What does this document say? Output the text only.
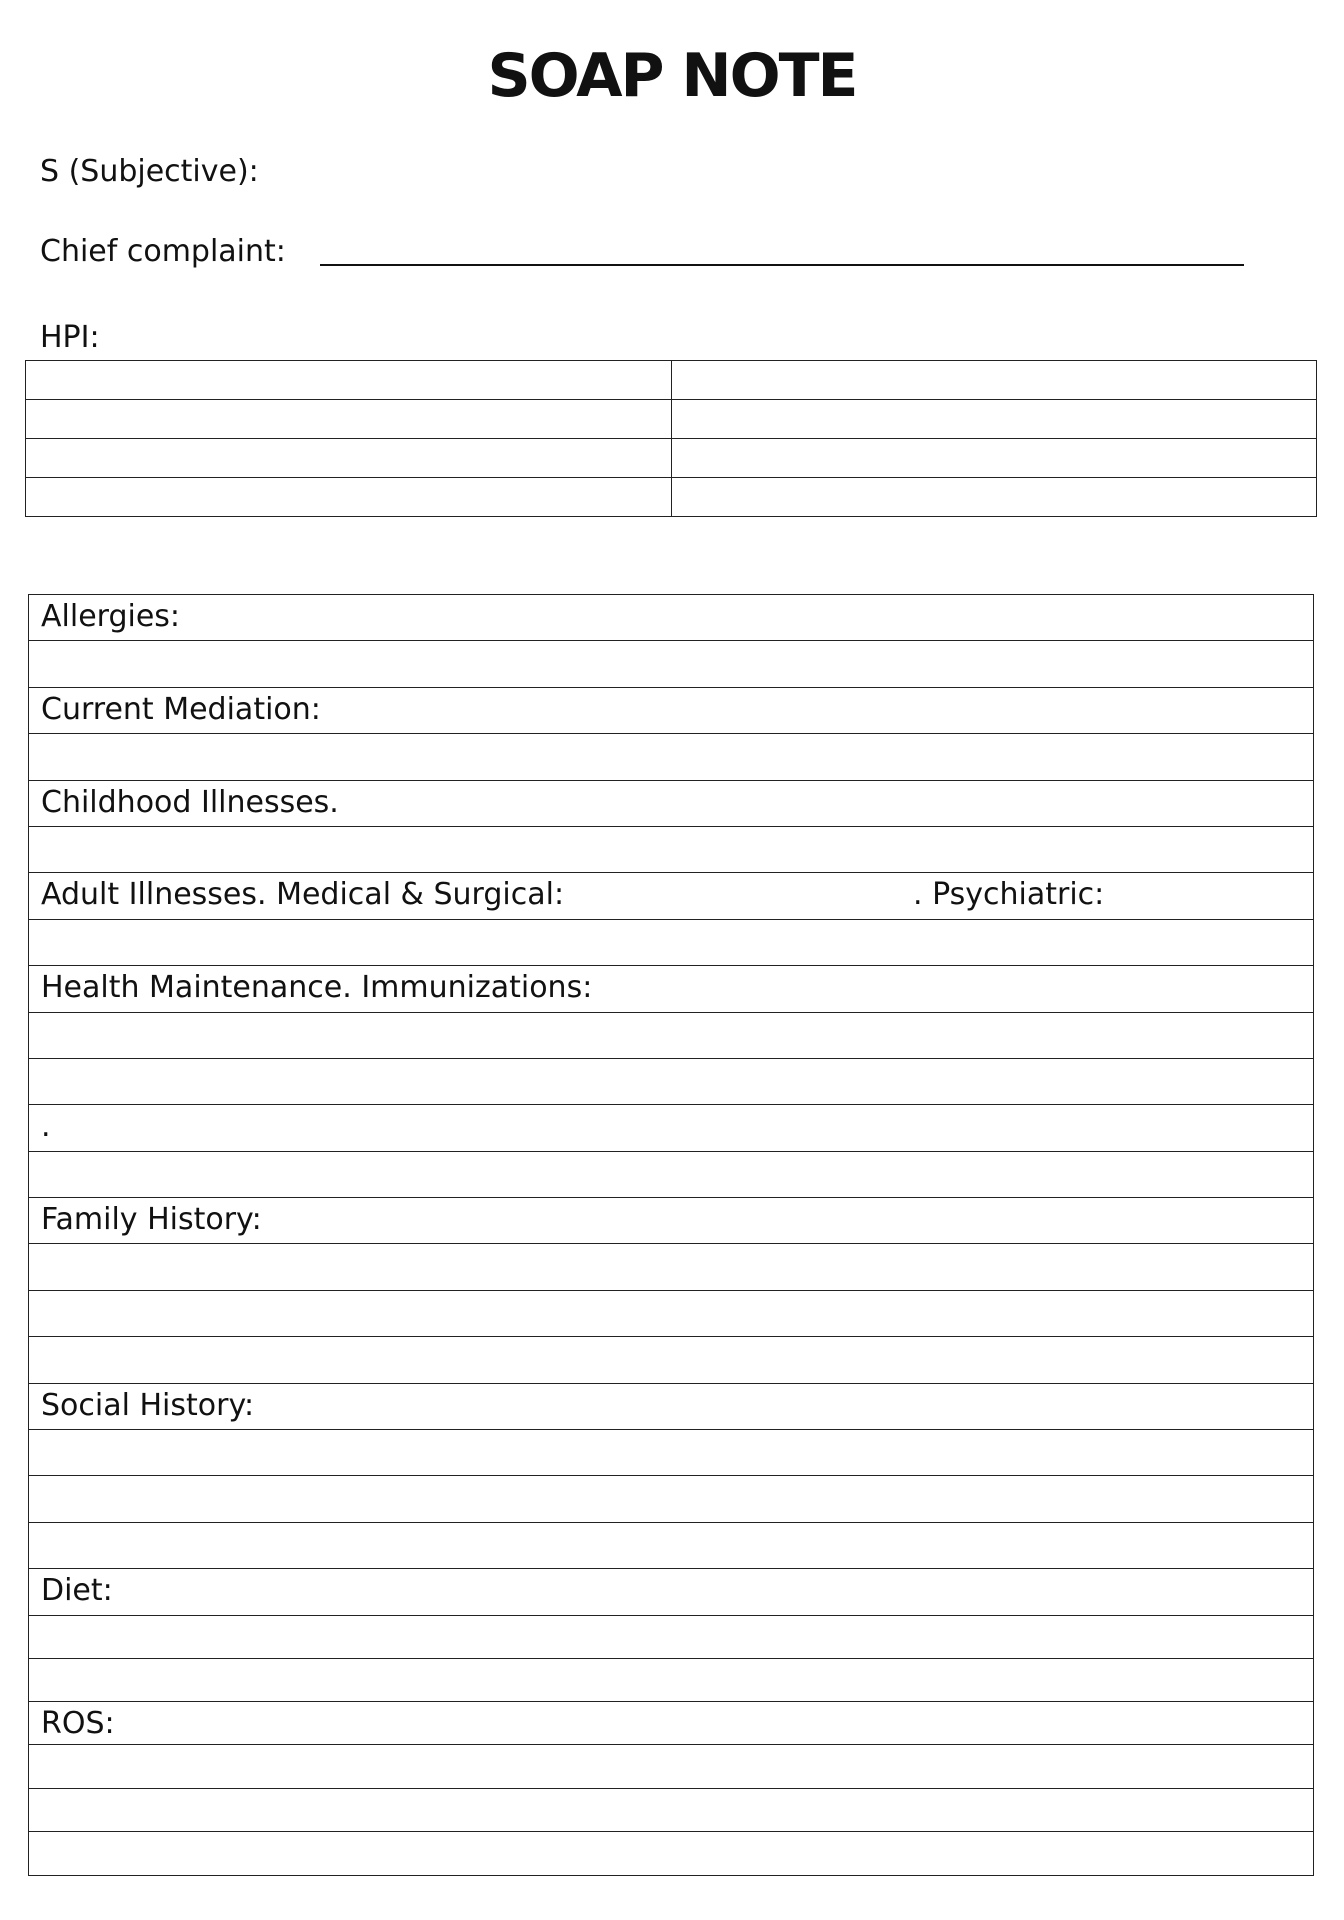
SOAP NOTE
S (Subjective):
Chief complaint:
HPI:

Allergies:
Current Mediation:
Childhood Illnesses.
Adult Illnesses. Medical & Surgical:	. Psychiatric:
Health Maintenance. Immunizations:
.
Family History:
Social History:
Diet:
ROS:
